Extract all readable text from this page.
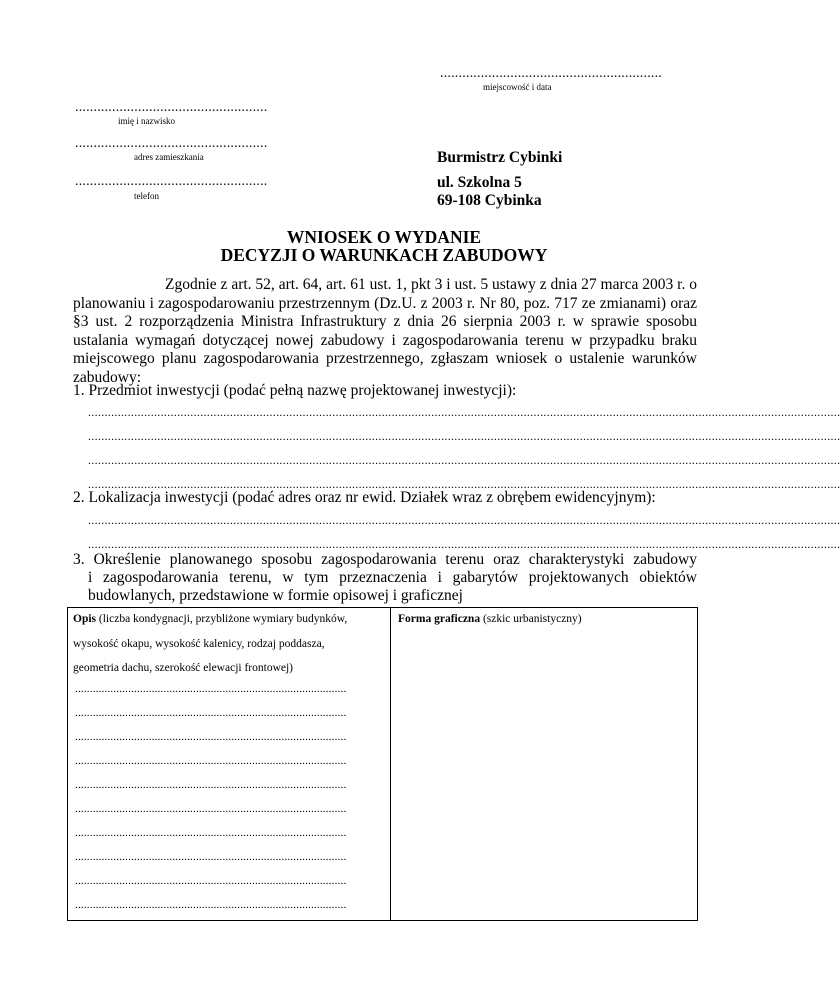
............................................................
miejscowość i data
....................................................
imię i nazwisko
....................................................
adres zamieszkania
....................................................
telefon
Burmistrz Cybinki
ul. Szkolna 5
69-108 Cybinka
WNIOSEK O WYDANIE
DECYZJI O WARUNKACH ZABUDOWY
Zgodnie z art. 52, art. 64, art. 61 ust. 1, pkt 3 i ust. 5 ustawy z dnia 27 marca 2003 r. o planowaniu i zagospodarowaniu przestrzennym (Dz.U. z 2003 r. Nr 80, poz. 717 ze zmianami) oraz §3 ust. 2 rozporządzenia Ministra Infrastruktury z dnia 26 sierpnia 2003 r. w sprawie sposobu ustalania wymagań dotyczącej nowej zabudowy i zagospodarowania terenu w przypadku braku miejscowego planu zagospodarowania przestrzennego, zgłaszam wniosek o ustalenie warunków zabudowy:
1. Przedmiot inwestycji (podać pełną nazwę projektowanej inwestycji):
....................................................................................................................................................................................................................................
....................................................................................................................................................................................................................................
....................................................................................................................................................................................................................................
....................................................................................................................................................................................................................................
2. Lokalizacja inwestycji (podać adres oraz nr ewid. Działek wraz z obrębem ewidencyjnym):
....................................................................................................................................................................................................................................
....................................................................................................................................................................................................................................
3. Określenie planowanego sposobu zagospodarowania terenu oraz charakterystyki zabudowy
i zagospodarowania terenu, w tym przeznaczenia i gabarytów projektowanych obiektów
budowlanych, przedstawione w formie opisowej i graficznej
Opis (liczba kondygnacji, przybliżone wymiary budynków,
wysokość okapu, wysokość kalenicy, rodzaj poddasza,
geometria dachu, szerokość elewacji frontowej)
Forma graficzna (szkic urbanistyczny)
............................................................................................
............................................................................................
............................................................................................
............................................................................................
............................................................................................
............................................................................................
............................................................................................
............................................................................................
............................................................................................
............................................................................................
